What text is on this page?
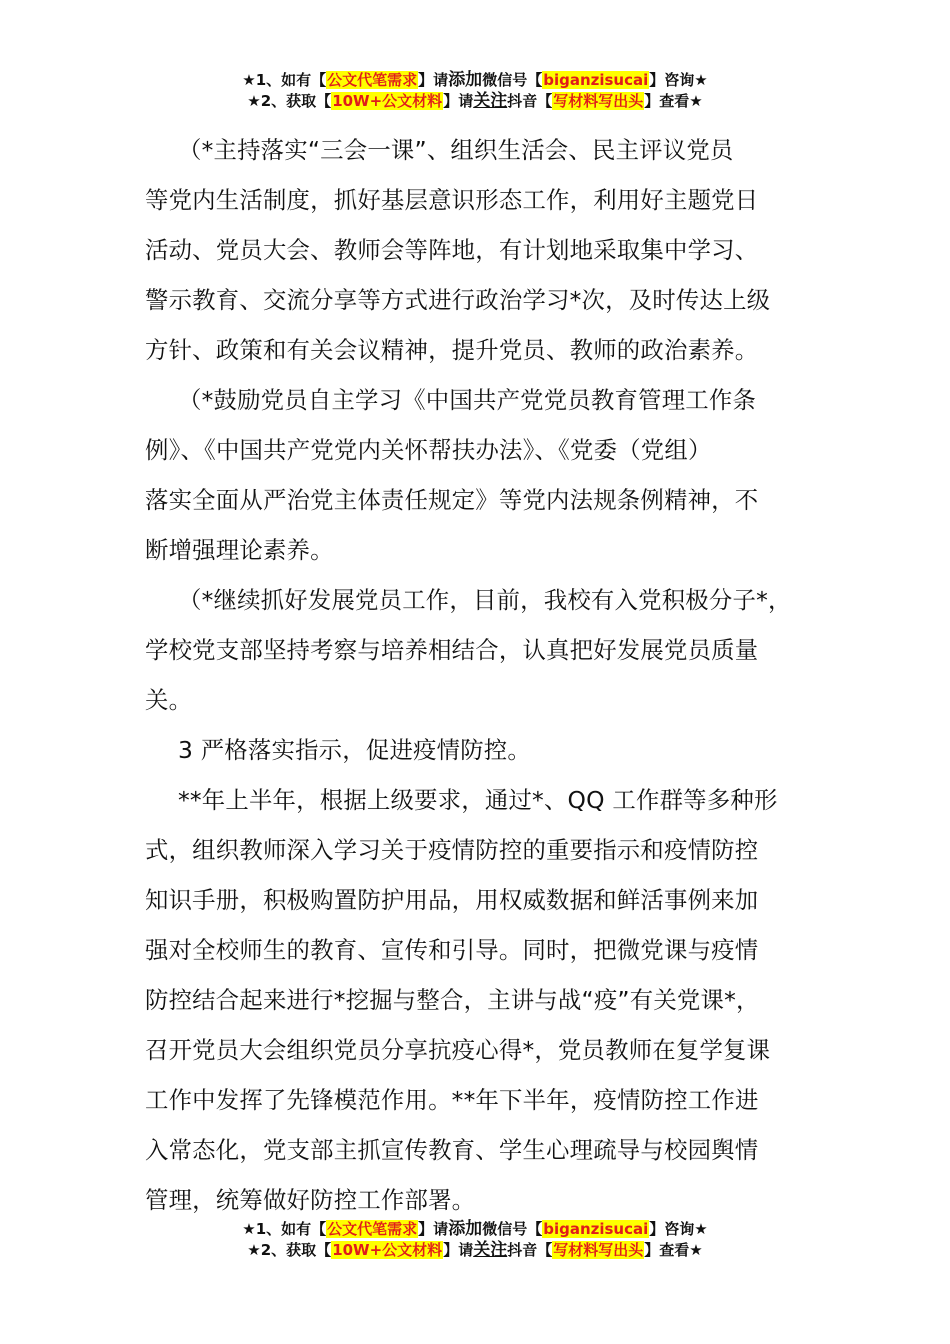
★1、如有【公文代笔需求】请添加微信号【biganzisucai】咨询★
★2、获取【10W+公文材料】请关注抖音【写材料写出头】查看★

（*主持落实“三会一课”、组织生活会、民主评议党员
等党内生活制度，抓好基层意识形态工作，利用好主题党日
活动、党员大会、教师会等阵地，有计划地采取集中学习、
警示教育、交流分享等方式进行政治学习*次，及时传达上级
方针、政策和有关会议精神，提升党员、教师的政治素养。

（*鼓励党员自主学习《中国共产党党员教育管理工作条
例》、《中国共产党党内关怀帮扶办法》、《党委（党组）
落实全面从严治党主体责任规定》等党内法规条例精神，不
断增强理论素养。

（*继续抓好发展党员工作，目前，我校有入党积极分子*，
学校党支部坚持考察与培养相结合，认真把好发展党员质量
关。

3 严格落实指示，促进疫情防控。

**年上半年，根据上级要求，通过*、QQ 工作群等多种形
式，组织教师深入学习关于疫情防控的重要指示和疫情防控
知识手册，积极购置防护用品，用权威数据和鲜活事例来加
强对全校师生的教育、宣传和引导。同时，把微党课与疫情
防控结合起来进行*挖掘与整合，主讲与战“疫”有关党课*，
召开党员大会组织党员分享抗疫心得*，党员教师在复学复课
工作中发挥了先锋模范作用。**年下半年，疫情防控工作进
入常态化，党支部主抓宣传教育、学生心理疏导与校园舆情
管理，统筹做好防控工作部署。

★1、如有【公文代笔需求】请添加微信号【biganzisucai】咨询★
★2、获取【10W+公文材料】请关注抖音【写材料写出头】查看★
